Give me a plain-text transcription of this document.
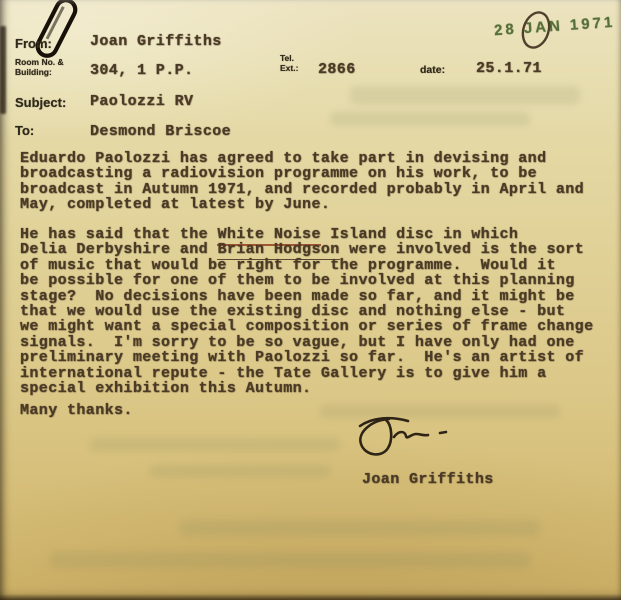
28 JAN 1971
From:	Joan Griffiths
Room No. &
Building:	304, 1 P.P.
Tel.
Ext.: 2866	date: 25.1.71
Subject: Paolozzi RV
To:	Desmond Briscoe
Eduardo Paolozzi has agreed to take part in devising and
broadcasting a radiovision programme on his work, to be
broadcast in Autumn 1971, and recorded probably in April and
May, completed at latest by June.
He has said that the White Noise Island disc in which
Delia Derbyshire and Brian Hodgson were involved is the sort
of music that would be right for the programme.  Would it
be possible for one of them to be involved at this planning
stage?  No decisions have been made so far, and it might be
that we would use the existing disc and nothing else - but
we might want a special composition or series of frame change
signals.  I'm sorry to be so vague, but I have only had one
preliminary meeting with Paolozzi so far.  He's an artist of
international repute - the Tate Gallery is to give him a
special exhibition this Autumn.
Many thanks.
Joan Griffiths
